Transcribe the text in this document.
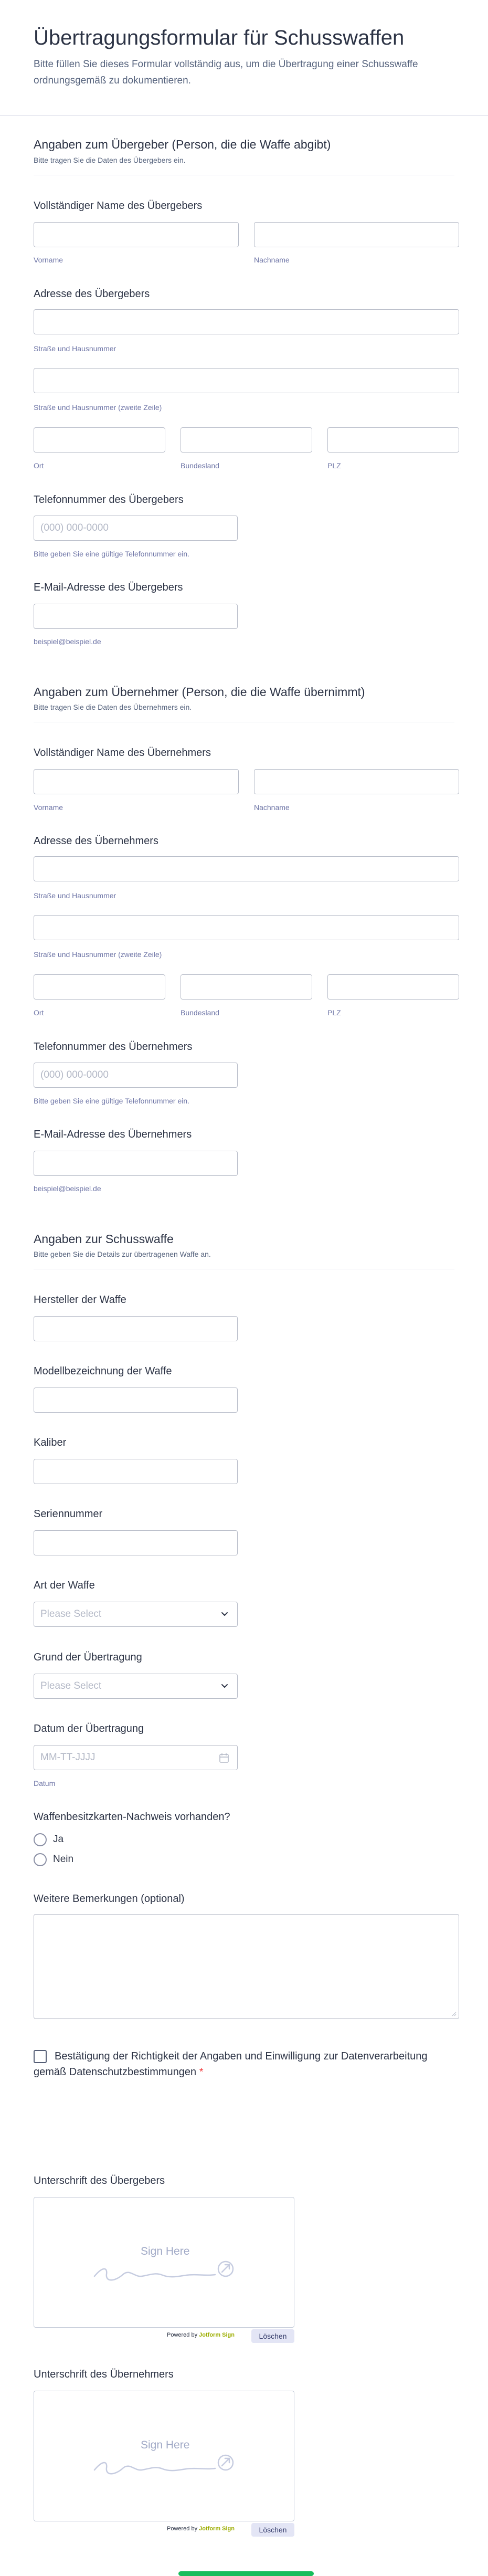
Übertragungsformular für Schusswaffen
Bitte füllen Sie dieses Formular vollständig aus, um die Übertragung einer Schusswaffe ordnungsgemäß zu dokumentieren.
Angaben zum Übergeber (Person, die die Waffe abgibt)
Bitte tragen Sie die Daten des Übergebers ein.
Vollständiger Name des Übergebers
Vorname	Nachname
Adresse des Übergebers
Straße und Hausnummer
Straße und Hausnummer (zweite Zeile)
Ort	Bundesland	PLZ
Telefonnummer des Übergebers
(000) 000-0000
Bitte geben Sie eine gültige Telefonnummer ein.
E-Mail-Adresse des Übergebers
beispiel@beispiel.de
Angaben zum Übernehmer (Person, die die Waffe übernimmt)
Bitte tragen Sie die Daten des Übernehmers ein.
Vollständiger Name des Übernehmers
Vorname	Nachname
Adresse des Übernehmers
Straße und Hausnummer
Straße und Hausnummer (zweite Zeile)
Ort	Bundesland	PLZ
Telefonnummer des Übernehmers
(000) 000-0000
Bitte geben Sie eine gültige Telefonnummer ein.
E-Mail-Adresse des Übernehmers
beispiel@beispiel.de
Angaben zur Schusswaffe
Bitte geben Sie die Details zur übertragenen Waffe an.
Hersteller der Waffe
Modellbezeichnung der Waffe
Kaliber
Seriennummer
Art der Waffe
Please Select
Grund der Übertragung
Please Select
Datum der Übertragung
MM-TT-JJJJ
Datum
Waffenbesitzkarten-Nachweis vorhanden?
Ja
Nein
Weitere Bemerkungen (optional)
Bestätigung der Richtigkeit der Angaben und Einwilligung zur Datenverarbeitung gemäß Datenschutzbestimmungen *
Unterschrift des Übergebers
Sign Here
Powered by Jotform Sign	Löschen
Unterschrift des Übernehmers
Sign Here
Powered by Jotform Sign	Löschen
